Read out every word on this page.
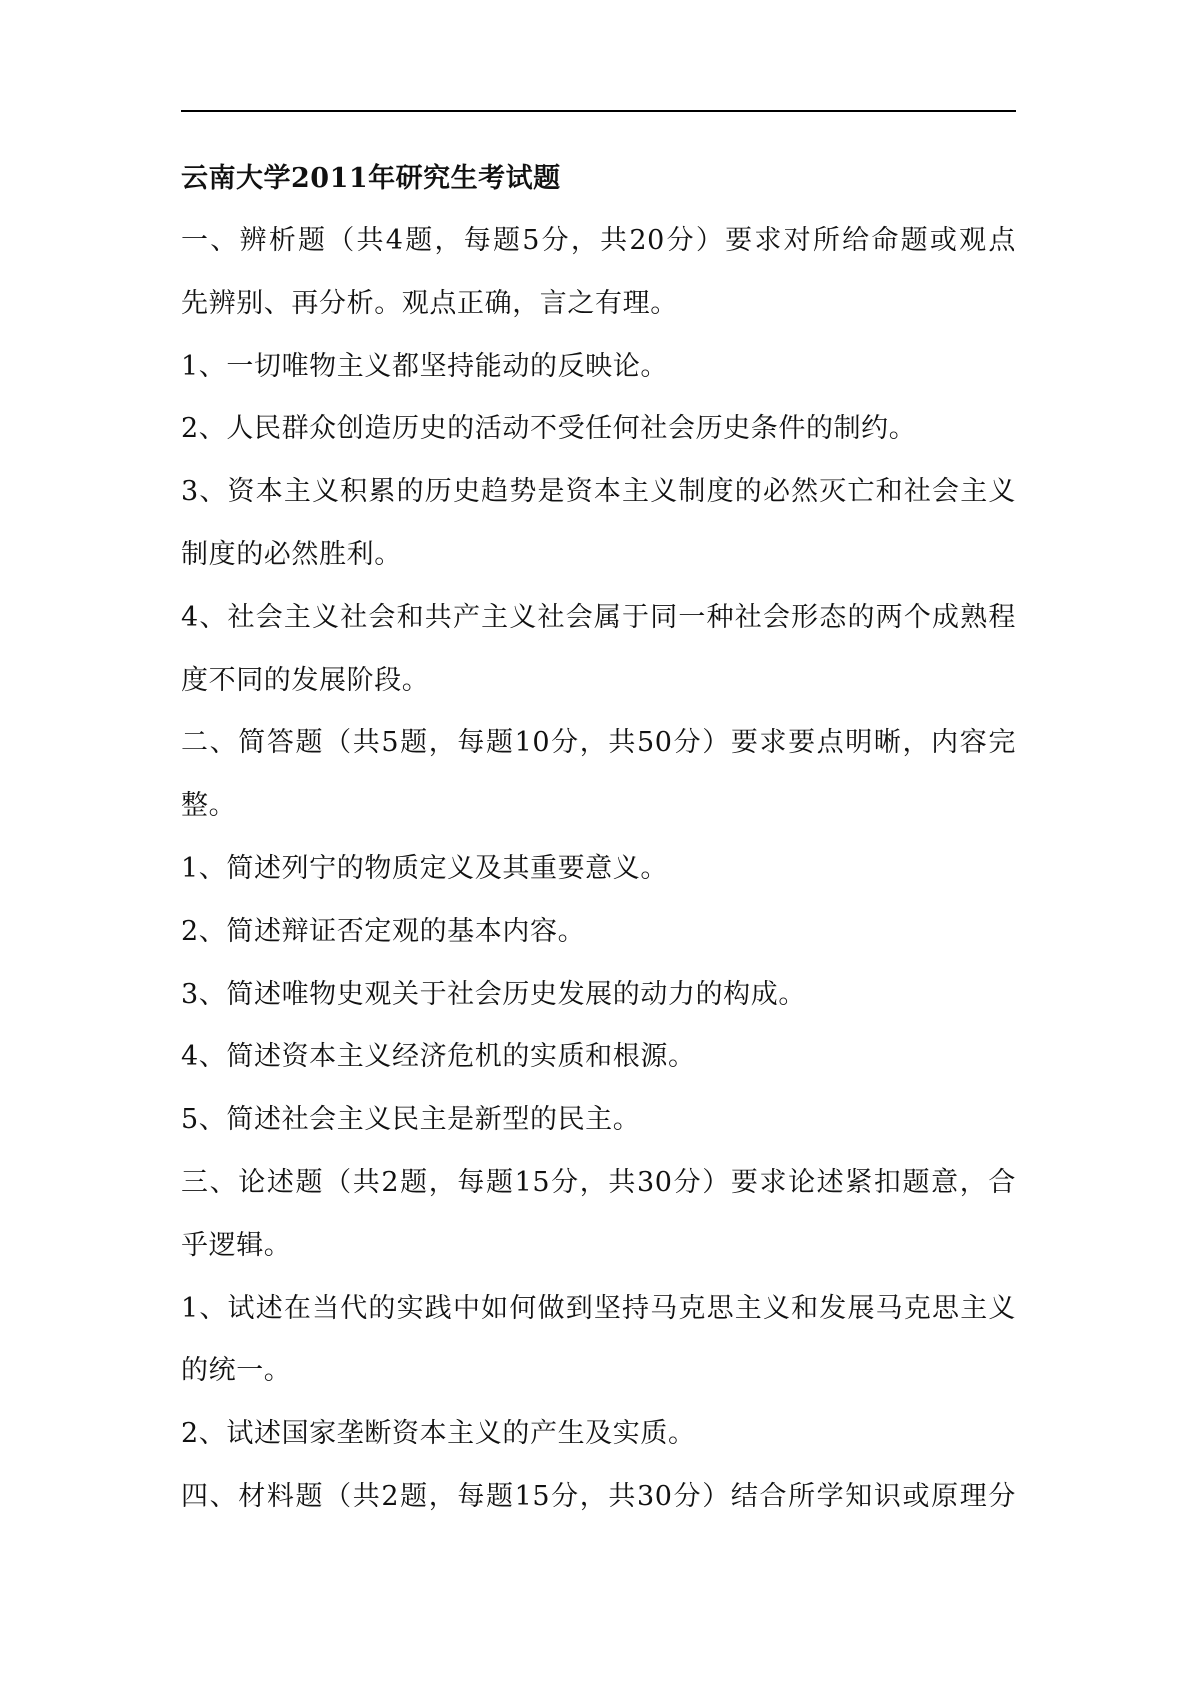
云南大学2011年研究生考试题

一、辨析题（共4题，每题5分，共20分）要求对所给命题或观点

先辨别、再分析。观点正确，言之有理。

1、一切唯物主义都坚持能动的反映论。

2、人民群众创造历史的活动不受任何社会历史条件的制约。

3、资本主义积累的历史趋势是资本主义制度的必然灭亡和社会主义

制度的必然胜利。

4、社会主义社会和共产主义社会属于同一种社会形态的两个成熟程

度不同的发展阶段。

二、简答题（共5题，每题10分，共50分）要求要点明晰，内容完

整。

1、简述列宁的物质定义及其重要意义。

2、简述辩证否定观的基本内容。

3、简述唯物史观关于社会历史发展的动力的构成。

4、简述资本主义经济危机的实质和根源。

5、简述社会主义民主是新型的民主。

三、论述题（共2题，每题15分，共30分）要求论述紧扣题意，合

乎逻辑。

1、试述在当代的实践中如何做到坚持马克思主义和发展马克思主义

的统一。

2、试述国家垄断资本主义的产生及实质。

四、材料题（共2题，每题15分，共30分）结合所学知识或原理分
